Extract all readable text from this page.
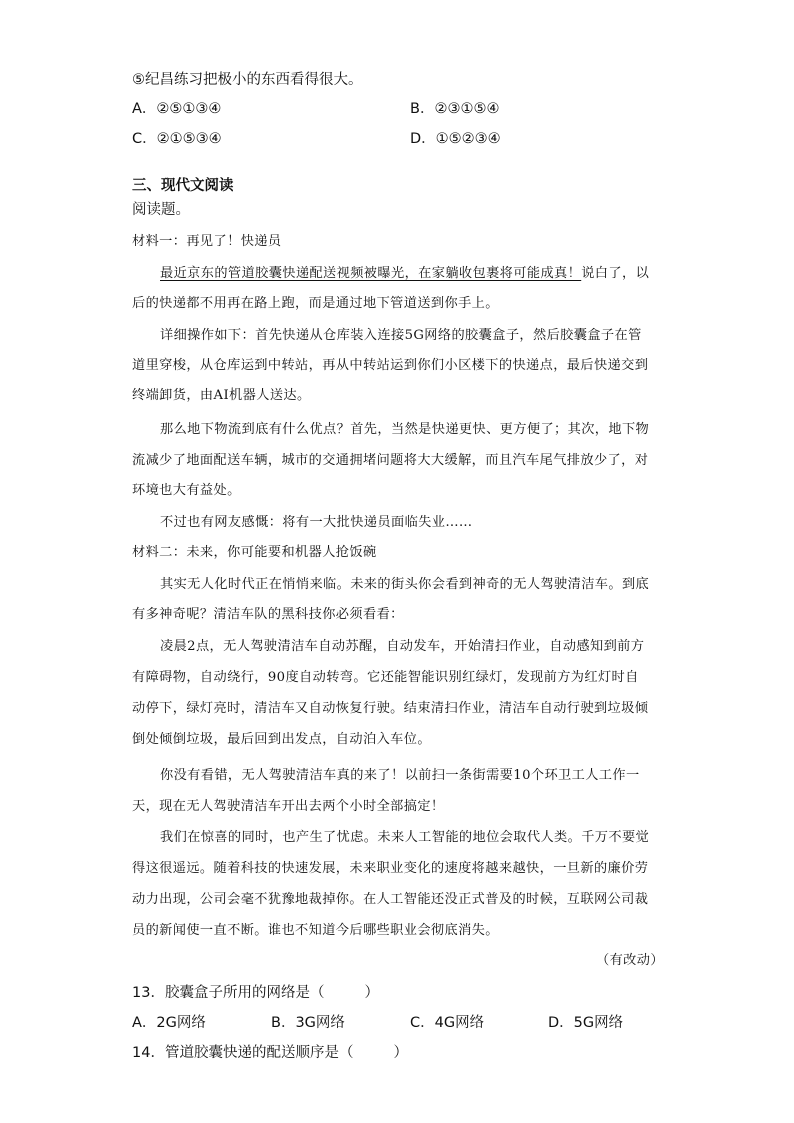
⑤纪昌练习把极小的东西看得很大。
A．②⑤①③④	B．②③①⑤④
C．②①⑤③④	D．①⑤②③④
三、现代文阅读
阅读题。
材料一：再见了！快递员
最近京东的管道胶囊快递配送视频被曝光，在家躺收包裹将可能成真！说白了，以
后的快递都不用再在路上跑，而是通过地下管道送到你手上。
详细操作如下：首先快递从仓库装入连接5G网络的胶囊盒子，然后胶囊盒子在管
道里穿梭，从仓库运到中转站，再从中转站运到你们小区楼下的快递点，最后快递交到
终端卸货，由AI机器人送达。
那么地下物流到底有什么优点？首先，当然是快递更快、更方便了；其次，地下物
流减少了地面配送车辆，城市的交通拥堵问题将大大缓解，而且汽车尾气排放少了，对
环境也大有益处。
不过也有网友感慨：将有一大批快递员面临失业……
材料二：未来，你可能要和机器人抢饭碗
其实无人化时代正在悄悄来临。未来的街头你会看到神奇的无人驾驶清洁车。到底
有多神奇呢？清洁车队的黑科技你必须看看：
凌晨2点，无人驾驶清洁车自动苏醒，自动发车，开始清扫作业，自动感知到前方
有障碍物，自动绕行，90度自动转弯。它还能智能识别红绿灯，发现前方为红灯时自
动停下，绿灯亮时，清洁车又自动恢复行驶。结束清扫作业，清洁车自动行驶到垃圾倾
倒处倾倒垃圾，最后回到出发点，自动泊入车位。
你没有看错，无人驾驶清洁车真的来了！以前扫一条街需要10个环卫工人工作一
天，现在无人驾驶清洁车开出去两个小时全部搞定！
我们在惊喜的同时，也产生了忧虑。未来人工智能的地位会取代人类。千万不要觉
得这很遥远。随着科技的快速发展，未来职业变化的速度将越来越快，一旦新的廉价劳
动力出现，公司会毫不犹豫地裁掉你。在人工智能还没正式普及的时候，互联网公司裁
员的新闻使一直不断。谁也不知道今后哪些职业会彻底消失。
（有改动）
13．胶囊盒子所用的网络是（	）
A．2G网络	B．3G网络	C．4G网络	D．5G网络
14．管道胶囊快递的配送顺序是（	）
